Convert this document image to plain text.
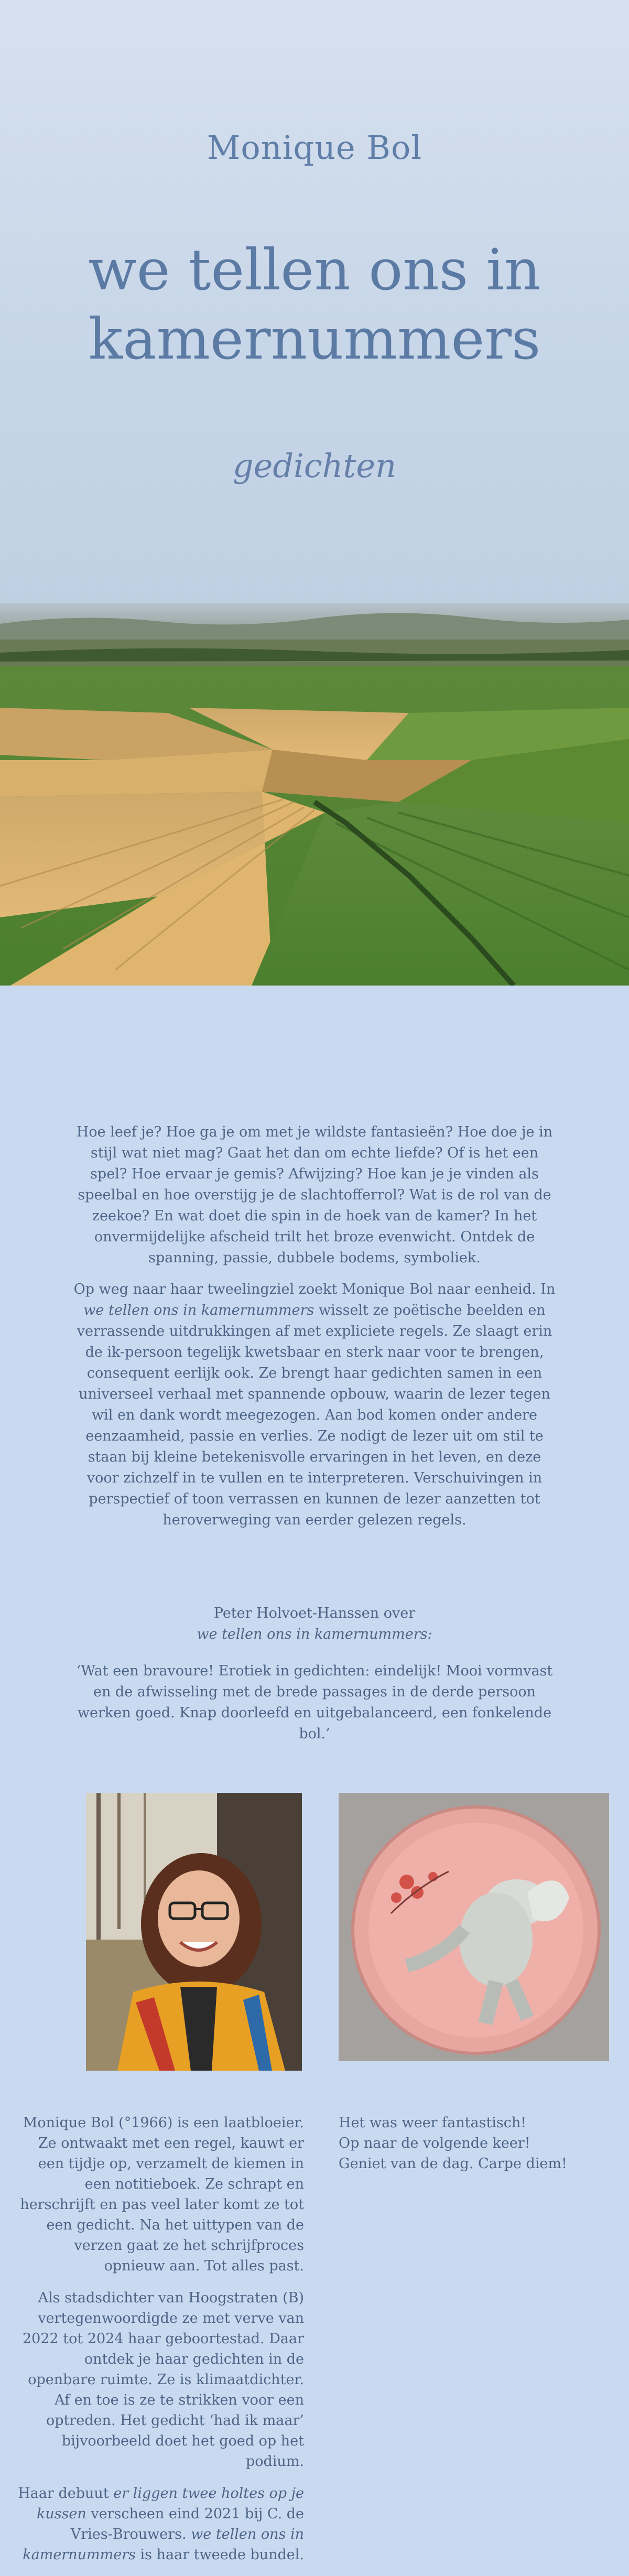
Monique Bol
we tellen ons in
kamernummers
gedichten

Hoe leef je? Hoe ga je om met je wildste fantasieën? Hoe doe je in stijl wat niet mag? Gaat het dan om echte liefde? Of is het een spel? Hoe ervaar je gemis? Afwijzing? Hoe kan je je vinden als speelbal en hoe overstijg je de slachtofferrol? Wat is de rol van de zeekoe? En wat doet die spin in de hoek van de kamer? In het onvermijdelijke afscheid trilt het broze evenwicht. Ontdek de spanning, passie, dubbele bodems, symboliek.

Op weg naar haar tweelingziel zoekt Monique Bol naar eenheid. In we tellen ons in kamernummers wisselt ze poëtische beelden en verrassende uitdrukkingen af met expliciete regels. Ze slaagt erin de ik-persoon tegelijk kwetsbaar en sterk naar voor te brengen, consequent eerlijk ook. Ze brengt haar gedichten samen in een universeel verhaal met spannende opbouw, waarin de lezer tegen wil en dank wordt meegezogen. Aan bod komen onder andere eenzaamheid, passie en verlies. Ze nodigt de lezer uit om stil te staan bij kleine betekenisvolle ervaringen in het leven, en deze voor zichzelf in te vullen en te interpreteren. Verschuivingen in perspectief of toon verrassen en kunnen de lezer aanzetten tot heroverweging van eerder gelezen regels.

Peter Holvoet-Hanssen over
we tellen ons in kamernummers:

‘Wat een bravoure! Erotiek in gedichten: eindelijk! Mooi vormvast en de afwisseling met de brede passages in de derde persoon werken goed. Knap doorleefd en uitgebalanceerd, een fonkelende bol.’

Monique Bol (°1966) is een laatbloeier. Ze ontwaakt met een regel, kauwt er een tijdje op, verzamelt de kiemen in een notitieboek. Ze schrapt en herschrijft en pas veel later komt ze tot een gedicht. Na het uittypen van de verzen gaat ze het schrijfproces opnieuw aan. Tot alles past.

Als stadsdichter van Hoogstraten (B) vertegenwoordigde ze met verve van 2022 tot 2024 haar geboortestad. Daar ontdek je haar gedichten in de openbare ruimte. Ze is klimaatdichter. Af en toe is ze te strikken voor een optreden. Het gedicht ‘had ik maar’ bijvoorbeeld doet het goed op het podium.

Haar debuut er liggen twee holtes op je kussen verscheen eind 2021 bij C. de Vries-Brouwers. we tellen ons in kamernummers is haar tweede bundel.

Het was weer fantastisch!
Op naar de volgende keer!
Geniet van de dag. Carpe diem!
